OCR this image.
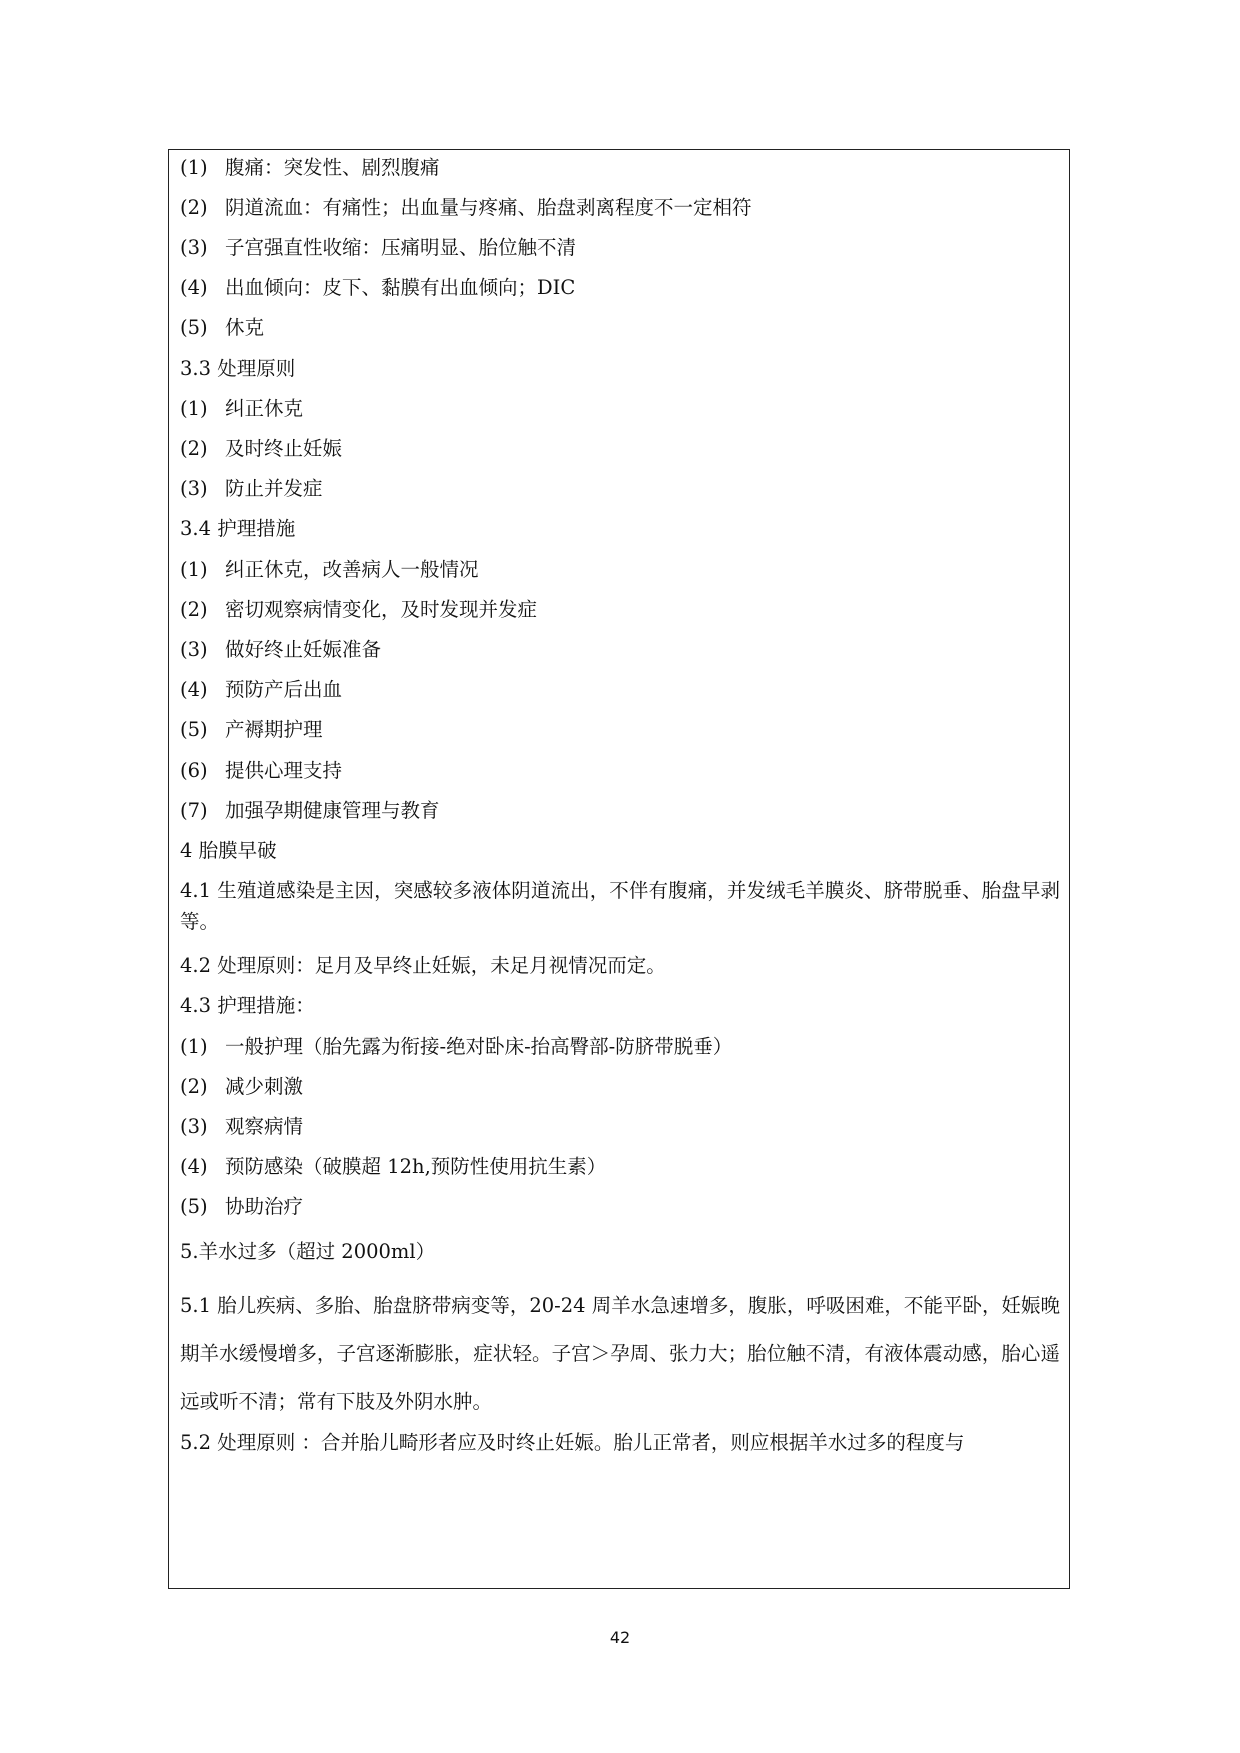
(1) 腹痛：突发性、剧烈腹痛
(2) 阴道流血：有痛性；出血量与疼痛、胎盘剥离程度不一定相符
(3) 子宫强直性收缩：压痛明显、胎位触不清
(4) 出血倾向：皮下、黏膜有出血倾向；DIC
(5) 休克
3.3 处理原则
(1) 纠正休克
(2) 及时终止妊娠
(3) 防止并发症
3.4 护理措施
(1) 纠正休克，改善病人一般情况
(2) 密切观察病情变化，及时发现并发症
(3) 做好终止妊娠准备
(4) 预防产后出血
(5) 产褥期护理
(6) 提供心理支持
(7) 加强孕期健康管理与教育
4 胎膜早破
4.1 生殖道感染是主因，突感较多液体阴道流出，不伴有腹痛，并发绒毛羊膜炎、脐带脱垂、胎盘早剥等。
4.2 处理原则：足月及早终止妊娠，未足月视情况而定。
4.3 护理措施：
(1) 一般护理（胎先露为衔接-绝对卧床-抬高臀部-防脐带脱垂）
(2) 减少刺激
(3) 观察病情
(4) 预防感染（破膜超 12h,预防性使用抗生素）
(5) 协助治疗
5.羊水过多（超过 2000ml）
5.1 胎儿疾病、多胎、胎盘脐带病变等，20-24 周羊水急速增多，腹胀，呼吸困难，不能平卧，妊娠晚期羊水缓慢增多，子宫逐渐膨胀，症状轻。子宫＞孕周、张力大；胎位触不清，有液体震动感，胎心遥远或听不清；常有下肢及外阴水肿。
5.2 处理原则 ：合并胎儿畸形者应及时终止妊娠。胎儿正常者，则应根据羊水过多的程度与
42
